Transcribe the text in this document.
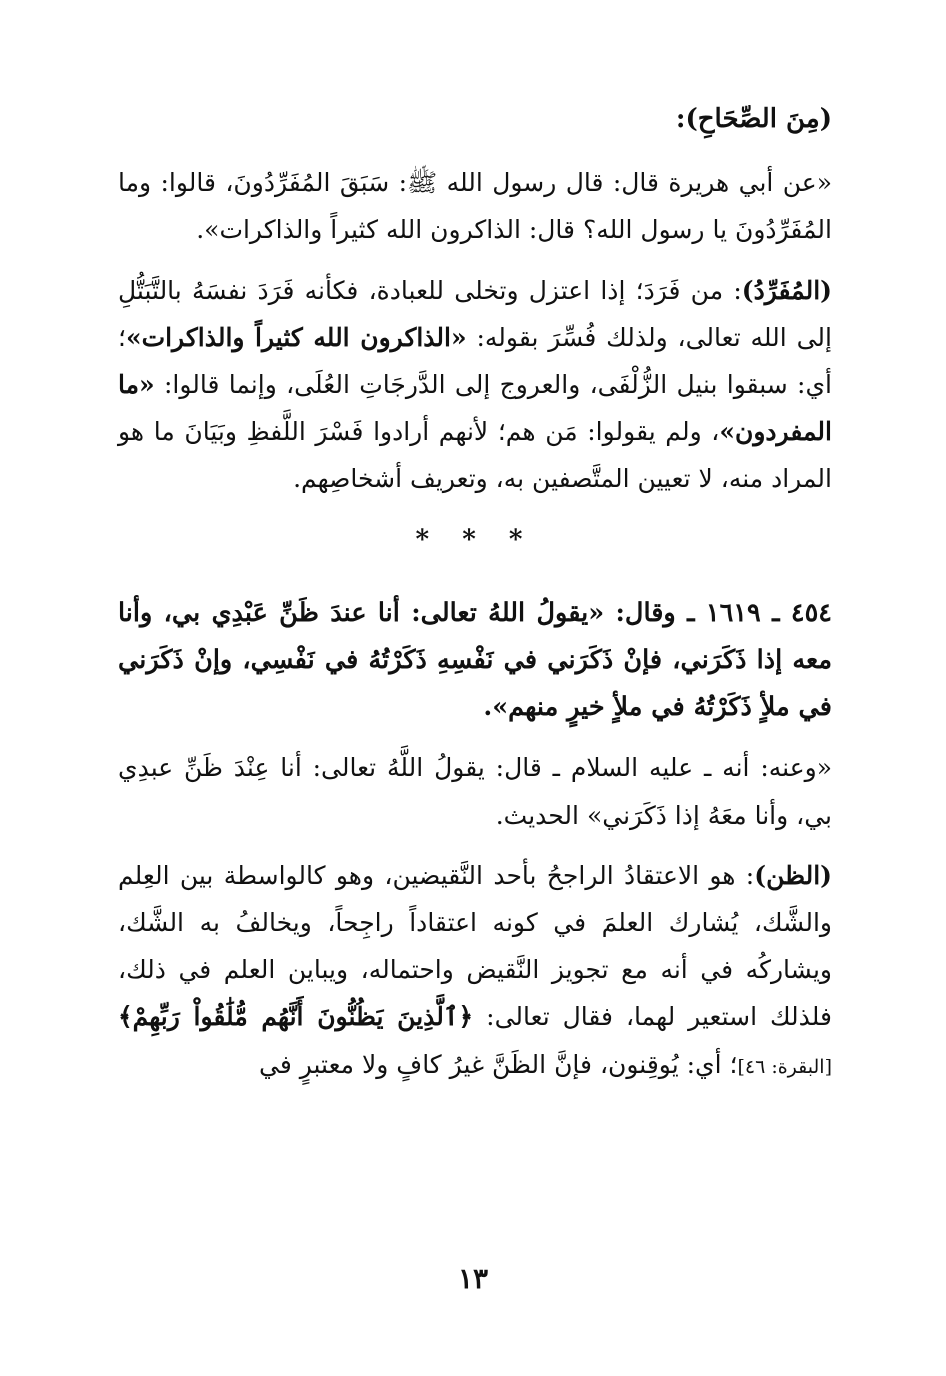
(مِنَ الصِّحَاحِ):

«عن أبي هريرة قال: قال رسول الله ﷺ: سَبَقَ المُفَرِّدُونَ، قالوا: وما المُفَرِّدُونَ يا رسول الله؟ قال: الذاكرون الله كثيراً والذاكرات».

(المُفَرِّدُ): من فَرَدَ؛ إذا اعتزل وتخلى للعبادة، فكأنه فَرَدَ نفسَهُ بالتَّبَتُّلِ إلى الله تعالى، ولذلك فُسِّرَ بقوله: «الذاكرون الله كثيراً والذاكرات»؛ أي: سبقوا بنيل الزُّلْفَى، والعروج إلى الدَّرجَاتِ العُلَى، وإنما قالوا: «ما المفردون»، ولم يقولوا: مَن هم؛ لأنهم أرادوا فَسْرَ اللَّفظِ وبَيَانَ ما هو المراد منه، لا تعيين المتَّصفين به، وتعريف أشخاصِهم.

* * *

٤٥٤ ـ ١٦١٩ ـ وقال: «يقولُ اللهُ تعالى: أنا عندَ ظَنِّ عَبْدِي بي، وأنا معه إذا ذَكَرَني، فإنْ ذَكَرَني في نَفْسِهِ ذَكَرْتُهُ في نَفْسِي، وإنْ ذَكَرَني في ملأٍ ذَكَرْتُهُ في ملأٍ خيرٍ منهم».

«وعنه: أنه ـ عليه السلام ـ قال: يقولُ اللَّهُ تعالى: أنا عِنْدَ ظَنِّ عبدِي بي، وأنا معَهُ إذا ذَكَرَني» الحديث.

(الظن): هو الاعتقادُ الراجحُ بأحد النَّقيضين، وهو كالواسطة بين العِلم والشَّك، يُشارك العلمَ في كونه اعتقاداً راجِحاً، ويخالفُ به الشَّك، ويشاركُه في أنه مع تجويز النَّقيض واحتماله، ويباين العلم في ذلك، فلذلك استعير لهما، فقال تعالى: ﴿ٱلَّذِينَ يَظُنُّونَ أَنَّهُم مُّلَٰقُواْ رَبِّهِمْ﴾[البقرة: ٤٦]؛ أي: يُوقِنون، فإنَّ الظَنَّ غيرُ كافٍ ولا معتبرٍ في

١٣
